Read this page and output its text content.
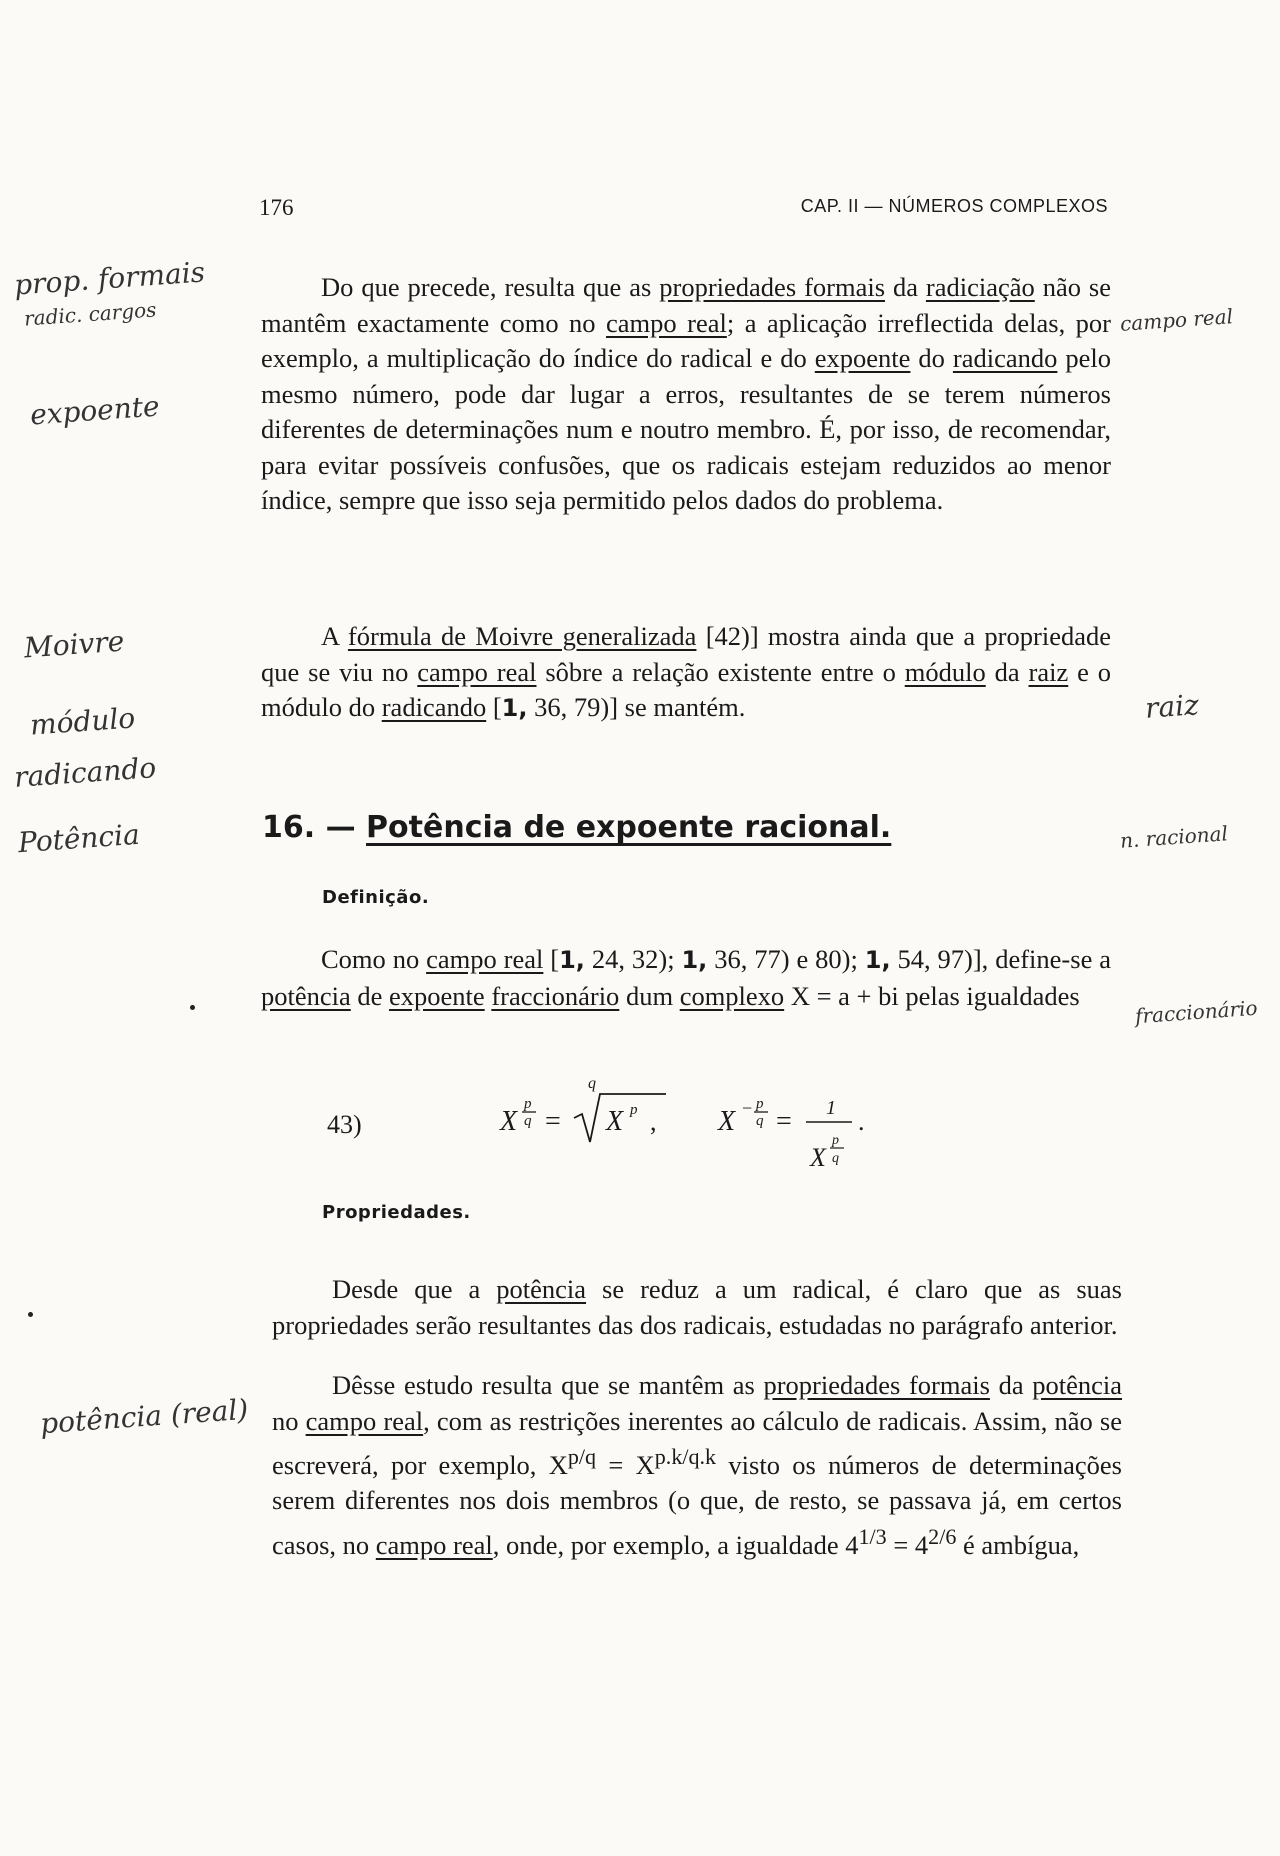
176	CAP. II — NÚMEROS COMPLEXOS

Do que precede, resulta que as propriedades formais da radiciação não se mantêm exactamente como no campo real; a aplicação irreflectida delas, por exemplo, a multiplicação do índice do radical e do expoente do radicando pelo mesmo número, pode dar lugar a erros, resultantes de se terem números diferentes de determinações num e noutro membro. É, por isso, de recomendar, para evitar possíveis confusões, que os radicais estejam reduzidos ao menor índice, sempre que isso seja permitido pelos dados do problema.

A fórmula de Moivre generalizada [42)] mostra ainda que a propriedade que se viu no campo real sôbre a relação existente entre o módulo da raiz e o módulo do radicando [1, 36, 79)] se mantém.

16. — Potência de expoente racional.
Definição.

Como no campo real [1, 24, 32); 1, 36, 77) e 80); 1, 54, 97)], define-se a potência de expoente fraccionário dum complexo X = a + bi pelas igualdades

43)	X
p
q =
q
X p , X − p
q = 1
X
p
q
.
Propriedades.

Desde que a potência se reduz a um radical, é claro que as suas propriedades serão resultantes das dos radicais, estudadas no parágrafo anterior.

Dêsse estudo resulta que se mantêm as propriedades formais da potência no campo real, com as restrições inerentes ao cálculo de radicais. Assim, não se escreverá, por exemplo, $X^{p/q} = X^{p.k/q.k}$ visto os números de determinações serem diferentes nos dois membros (o que, de resto, se passava já, em certos casos, no campo real, onde, por exemplo, a igualdade $4^{1/3} = 4^{2/6}$ é ambígua,

prop. formais
radic. cargos
expoente
Moivre
módulo
radicando
Potência
campo real
raiz
n. racional
fraccionário
potência (real)
